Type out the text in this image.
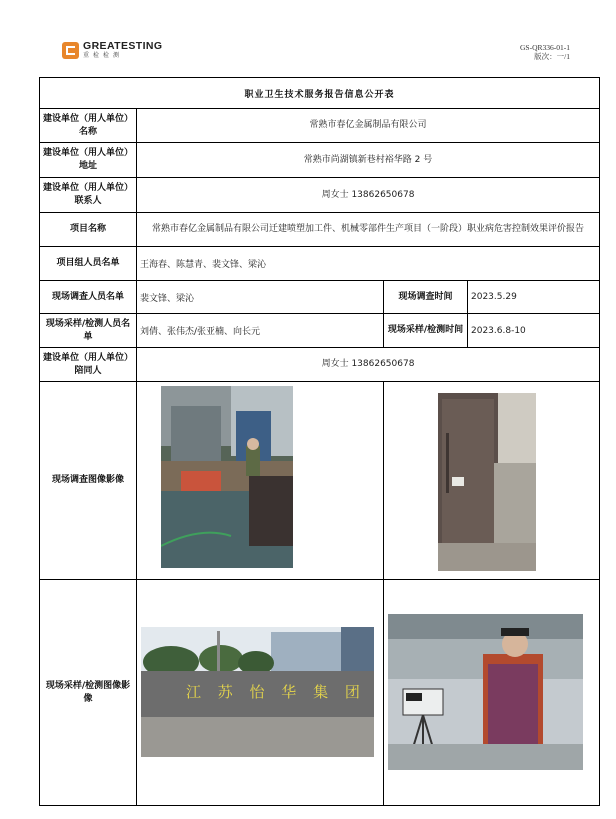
GREATESTING
重检检测
GS-QR336-01-1
版次：一/1
职业卫生技术服务报告信息公开表			
建设单位（用人单位）名称	常熟市春亿金属制品有限公司		
建设单位（用人单位）地址	常熟市尚湖镇新巷村裕华路 2 号		
建设单位（用人单位）联系人	周女士 13862650678		
项目名称	常熟市春亿金属制品有限公司迁建喷塑加工件、机械零部件生产项目（一阶段）职业病危害控制效果评价报告		
项目组人员名单	王海春、陈慧青、裴文锋、梁沁		
现场调查人员名单	裴文锋、梁沁	现场调查时间	2023.5.29
现场采样/检测人员名单	刘倩、张伟杰/张亚楠、向长元	现场采样/检测时间	2023.6.8-10
建设单位（用人单位）陪同人	周女士 13862650678		
现场调查图像影像	

现场采样/检测图像影像	江 苏 怡 华 集 团
